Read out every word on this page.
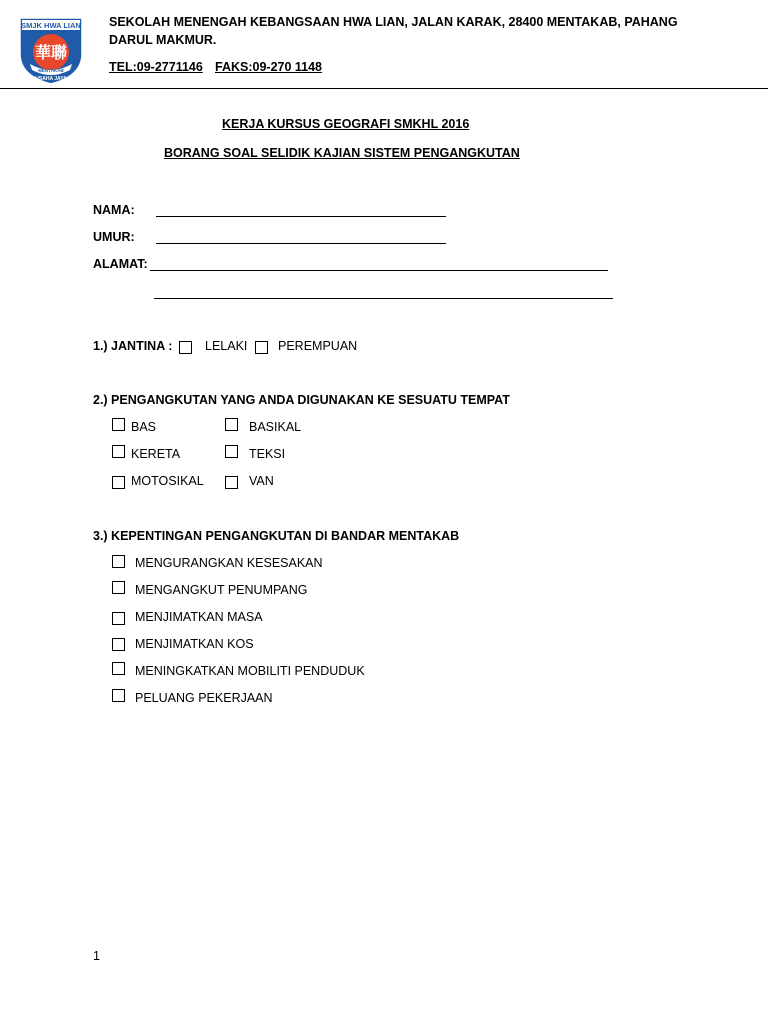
SMJK HWA LIAN
華聯
MENTAKAB
USAHA JAYA
SEKOLAH MENENGAH KEBANGSAAN HWA LIAN, JALAN KARAK, 28400 MENTAKAB, PAHANG
DARUL MAKMUR.
TEL:09-2771146 FAKS:09-270 1148
KERJA KURSUS GEOGRAFI SMKHL 2016
BORANG SOAL SELIDIK KAJIAN SISTEM PENGANGKUTAN
NAMA:
UMUR:
ALAMAT:
1.) JANTINA :	LELAKI PEREMPUAN
2.) PENGANGKUTAN YANG ANDA DIGUNAKAN KE SESUATU TEMPAT
BAS	BASIKAL
KERETA	TEKSI
MOTOSIKAL	VAN
3.) KEPENTINGAN PENGANGKUTAN DI BANDAR MENTAKAB
MENGURANGKAN KESESAKAN
MENGANGKUT PENUMPANG
MENJIMATKAN MASA
MENJIMATKAN KOS
MENINGKATKAN MOBILITI PENDUDUK
PELUANG PEKERJAAN
1
